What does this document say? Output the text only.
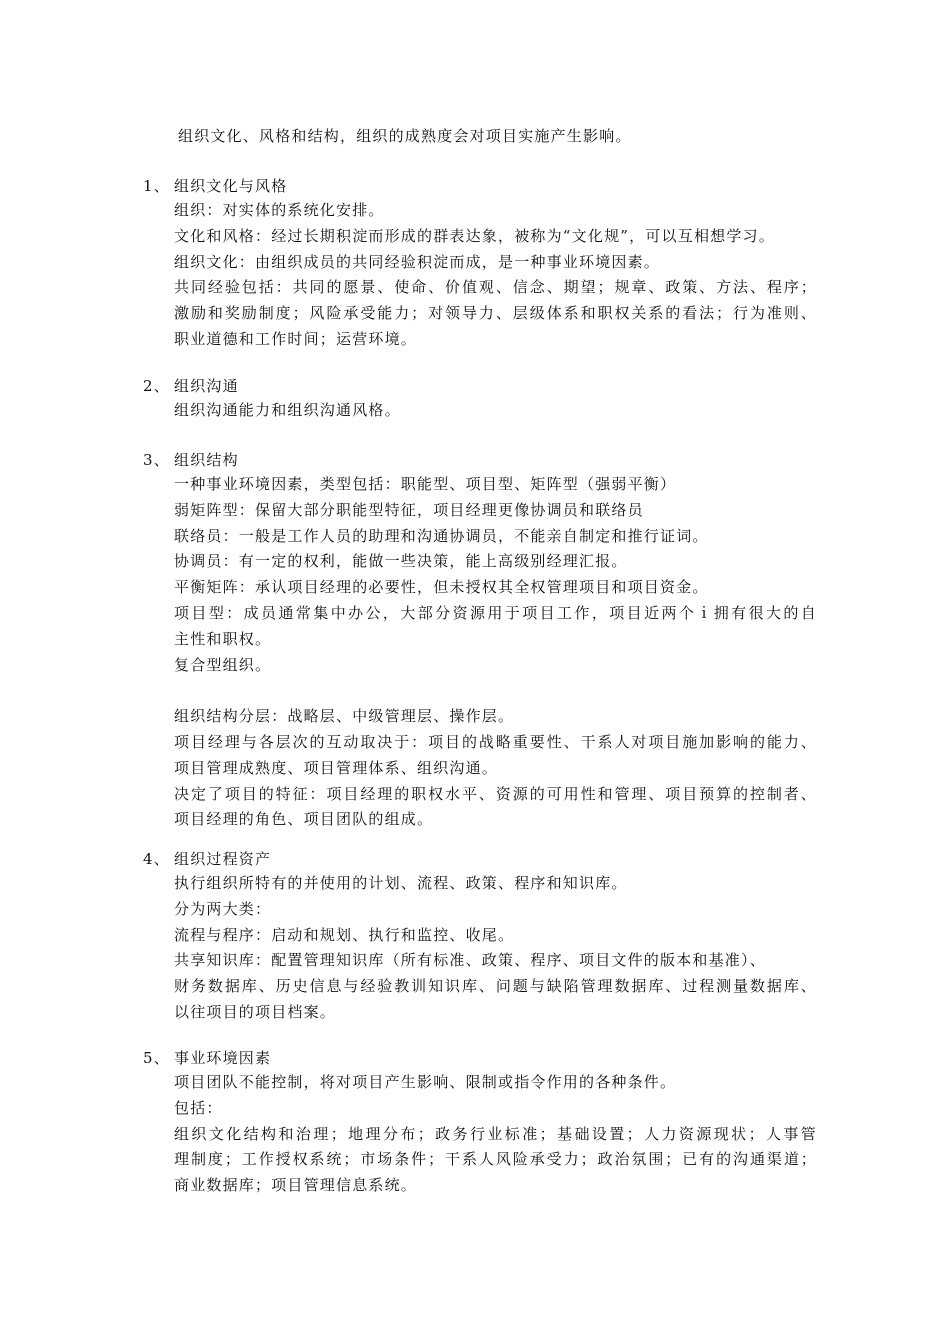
组织文化、风格和结构，组织的成熟度会对项目实施产生影响。
1、 组织文化与风格
组织：对实体的系统化安排。
文化和风格：经过长期积淀而形成的群表达象，被称为“文化规”，可以互相想学习。
组织文化：由组织成员的共同经验积淀而成，是一种事业环境因素。
共同经验包括：共同的愿景、使命、价值观、信念、期望；规章、政策、方法、程序；
激励和奖励制度；风险承受能力；对领导力、层级体系和职权关系的看法；行为准则、
职业道德和工作时间；运营环境。
2、 组织沟通
组织沟通能力和组织沟通风格。
3、 组织结构
一种事业环境因素，类型包括：职能型、项目型、矩阵型（强弱平衡）
弱矩阵型：保留大部分职能型特征，项目经理更像协调员和联络员
联络员：一般是工作人员的助理和沟通协调员，不能亲自制定和推行证词。
协调员：有一定的权利，能做一些决策，能上高级别经理汇报。
平衡矩阵：承认项目经理的必要性，但未授权其全权管理项目和项目资金。
项目型：成员通常集中办公，大部分资源用于项目工作，项目近两个ｉ拥有很大的自
主性和职权。
复合型组织。
组织结构分层：战略层、中级管理层、操作层。
项目经理与各层次的互动取决于：项目的战略重要性、干系人对项目施加影响的能力、
项目管理成熟度、项目管理体系、组织沟通。
决定了项目的特征：项目经理的职权水平、资源的可用性和管理、项目预算的控制者、
项目经理的角色、项目团队的组成。
4、 组织过程资产
执行组织所特有的并使用的计划、流程、政策、程序和知识库。
分为两大类：
流程与程序：启动和规划、执行和监控、收尾。
共享知识库：配置管理知识库（所有标准、政策、程序、项目文件的版本和基准）、
财务数据库、历史信息与经验教训知识库、问题与缺陷管理数据库、过程测量数据库、
以往项目的项目档案。
5、 事业环境因素
项目团队不能控制，将对项目产生影响、限制或指令作用的各种条件。
包括：
组织文化结构和治理；地理分布；政务行业标准；基础设置；人力资源现状；人事管
理制度；工作授权系统；市场条件；干系人风险承受力；政治氛围；已有的沟通渠道；
商业数据库；项目管理信息系统。
